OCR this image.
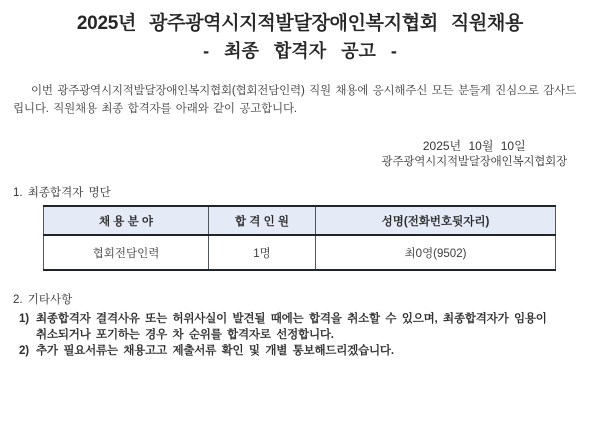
2025년 광주광역시지적발달장애인복지협회 직원채용
- 최종 합격자 공고 -
이번 광주광역시지적발달장애인복지협회(협회전담인력) 직원 채용에 응시해주신 모든 분들게 진심으로 감사드
립니다. 직원채용 최종 합격자를 아래와 같이 공고합니다.
2025년 10월 10일
광주광역시지적발달장애인복지협회장
1. 최종합격자 명단
채 용 분 야	합 격 인 원	성명(전화번호뒷자리)
협회전담인력	1명	최0영(9502)
2. 기타사항
1) 최종합격자 결격사유 또는 허위사실이 발견될 때에는 합격을 취소할 수 있으며, 최종합격자가 임용이
취소되거나 포기하는 경우 차 순위를 합격자로 선정합니다.
2) 추가 필요서류는 채용고고 제출서류 확인 및 개별 통보해드리겠습니다.
